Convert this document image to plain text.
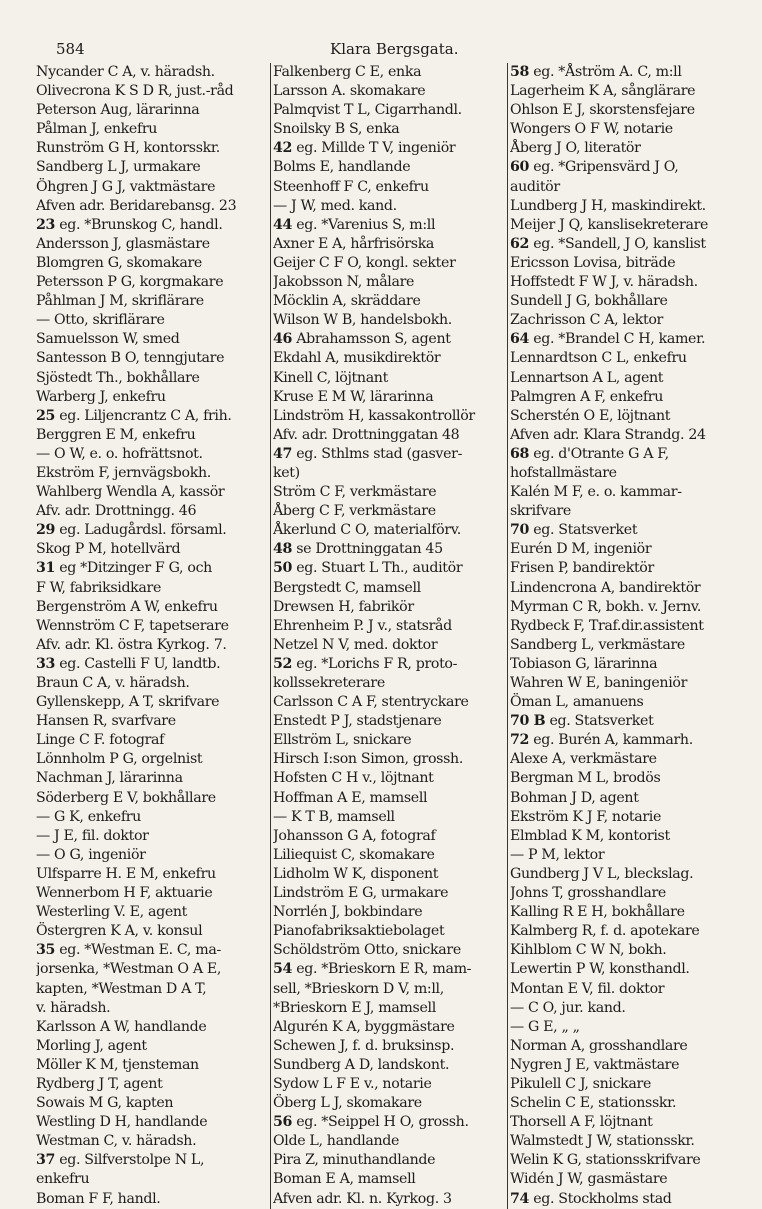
584	Klara Bergsgata.
Nycander C A, v. häradsh.
Olivecrona K S D R, just.-råd
Peterson Aug, lärarinna
Pålman J, enkefru
Runström G H, kontorsskr.
Sandberg L J, urmakare
Öhgren J G J, vaktmästare
Afven adr. Beridarebansg. 23
23 eg. *Brunskog C, handl.
Andersson J, glasmästare
Blomgren G, skomakare
Petersson P G, korgmakare
Påhlman J M, skriflärare
— Otto, skriflärare
Samuelsson W, smed
Santesson B O, tenngjutare
Sjöstedt Th., bokhållare
Warberg J, enkefru
25 eg. Liljencrantz C A, frih.
Berggren E M, enkefru
— O W, e. o. hofrättsnot.
Ekström F, jernvägsbokh.
Wahlberg Wendla A, kassör
Afv. adr. Drottningg. 46
29 eg. Ladugårdsl. församl.
Skog P M, hotellvärd
31 eg *Ditzinger F G, och
F W, fabriksidkare
Bergenström A W, enkefru
Wennström C F, tapetserare
Afv. adr. Kl. östra Kyrkog. 7.
33 eg. Castelli F U, landtb.
Braun C A, v. häradsh.
Gyllenskepp, A T, skrifvare
Hansen R, svarfvare
Linge C F. fotograf
Lönnholm P G, orgelnist
Nachman J, lärarinna
Söderberg E V, bokhållare
— G K, enkefru
— J E, fil. doktor
— O G, ingeniör
Ulfsparre H. E M, enkefru
Wennerbom H F, aktuarie
Westerling V. E, agent
Östergren K A, v. konsul
35 eg. *Westman E. C, ma-
jorsenka, *Westman O A E,
kapten, *Westman D A T,
v. häradsh.
Karlsson A W, handlande
Morling J, agent
Möller K M, tjensteman
Rydberg J T, agent
Sowais M G, kapten
Westling D H, handlande
Westman C, v. häradsh.
37 eg. Silfverstolpe N L,
enkefru
Boman F F, handl.
Falkenberg C E, enka
Larsson A. skomakare
Palmqvist T L, Cigarrhandl.
Snoilsky B S, enka
42 eg. Millde T V, ingeniör
Bolms E, handlande
Steenhoff F C, enkefru
— J W, med. kand.
44 eg. *Varenius S, m:ll
Axner E A, hårfrisörska
Geijer C F O, kongl. sekter
Jakobsson N, målare
Möcklin A, skräddare
Wilson W B, handelsbokh.
46 Abrahamsson S, agent
Ekdahl A, musikdirektör
Kinell C, löjtnant
Kruse E M W, lärarinna
Lindström H, kassakontrollör
Afv. adr. Drottninggatan 48
47 eg. Sthlms stad (gasver-
ket)
Ström C F, verkmästare
Åberg C F, verkmästare
Åkerlund C O, materialförv.
48 se Drottninggatan 45
50 eg. Stuart L Th., auditör
Bergstedt C, mamsell
Drewsen H, fabrikör
Ehrenheim P. J v., statsråd
Netzel N V, med. doktor
52 eg. *Lorichs F R, proto-
kollssekreterare
Carlsson C A F, stentryckare
Enstedt P J, stadstjenare
Ellström L, snickare
Hirsch I:son Simon, grossh.
Hofsten C H v., löjtnant
Hoffman A E, mamsell
— K T B, mamsell
Johansson G A, fotograf
Liliequist C, skomakare
Lidholm W K, disponent
Lindström E G, urmakare
Norrlén J, bokbindare
Pianofabriksaktiebolaget
Schöldström Otto, snickare
54 eg. *Brieskorn E R, mam-
sell, *Brieskorn D V, m:ll,
*Brieskorn E J, mamsell
Algurén K A, byggmästare
Schewen J, f. d. bruksinsp.
Sundberg A D, landskont.
Sydow L F E v., notarie
Öberg L J, skomakare
56 eg. *Seippel H O, grossh.
Olde L, handlande
Pira Z, minuthandlande
Boman E A, mamsell
Afven adr. Kl. n. Kyrkog. 3
58 eg. *Åström A. C, m:ll
Lagerheim K A, sånglärare
Ohlson E J, skorstensfejare
Wongers O F W, notarie
Åberg J O, literatör
60 eg. *Gripensvärd J O,
auditör
Lundberg J H, maskindirekt.
Meijer J Q, kanslisekreterare
62 eg. *Sandell, J O, kanslist
Ericsson Lovisa, biträde
Hoffstedt F W J, v. häradsh.
Sundell J G, bokhållare
Zachrisson C A, lektor
64 eg. *Brandel C H, kamer.
Lennardtson C L, enkefru
Lennartson A L, agent
Palmgren A F, enkefru
Scherstén O E, löjtnant
Afven adr. Klara Strandg. 24
68 eg. d'Otrante G A F,
hofstallmästare
Kalén M F, e. o. kammar-
skrifvare
70 eg. Statsverket
Eurén D M, ingeniör
Frisen P, bandirektör
Lindencrona A, bandirektör
Myrman C R, bokh. v. Jernv.
Rydbeck F, Traf.dir.assistent
Sandberg L, verkmästare
Tobiason G, lärarinna
Wahren W E, baningeniör
Öman L, amanuens
70 B eg. Statsverket
72 eg. Burén A, kammarh.
Alexe A, verkmästare
Bergman M L, brodös
Bohman J D, agent
Ekström K J F, notarie
Elmblad K M, kontorist
— P M, lektor
Gundberg J V L, bleckslag.
Johns T, grosshandlare
Kalling R E H, bokhållare
Kalmberg R, f. d. apotekare
Kihlblom C W N, bokh.
Lewertin P W, konsthandl.
Montan E V, fil. doktor
— C O, jur. kand.
— G E, „ „
Norman A, grosshandlare
Nygren J E, vaktmästare
Pikulell C J, snickare
Schelin C E, stationsskr.
Thorsell A F, löjtnant
Walmstedt J W, stationsskr.
Welin K G, stationsskrifvare
Widén J W, gasmästare
74 eg. Stockholms stad
